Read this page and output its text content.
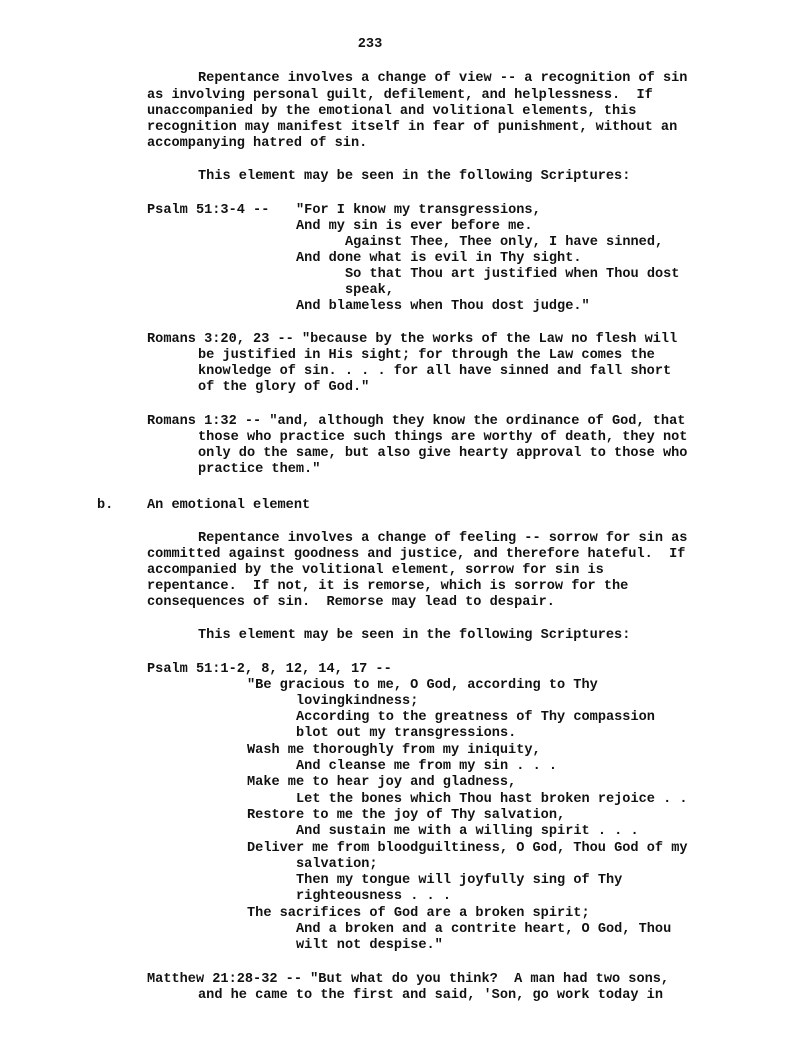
233
Repentance involves a change of view -- a recognition of sin
as involving personal guilt, defilement, and helplessness.  If
unaccompanied by the emotional and volitional elements, this
recognition may manifest itself in fear of punishment, without an
accompanying hatred of sin.
This element may be seen in the following Scriptures:
Psalm 51:3-4 -- "For I know my transgressions,
And my sin is ever before me.
Against Thee, Thee only, I have sinned,
And done what is evil in Thy sight.
So that Thou art justified when Thou dost
speak,
And blameless when Thou dost judge."
Romans 3:20, 23 -- "because by the works of the Law no flesh will
be justified in His sight; for through the Law comes the
knowledge of sin. . . . for all have sinned and fall short
of the glory of God."
Romans 1:32 -- "and, although they know the ordinance of God, that
those who practice such things are worthy of death, they not
only do the same, but also give hearty approval to those who
practice them."
b. An emotional element
Repentance involves a change of feeling -- sorrow for sin as
committed against goodness and justice, and therefore hateful.  If
accompanied by the volitional element, sorrow for sin is
repentance.  If not, it is remorse, which is sorrow for the
consequences of sin.  Remorse may lead to despair.
This element may be seen in the following Scriptures:
Psalm 51:1-2, 8, 12, 14, 17 --
"Be gracious to me, O God, according to Thy
lovingkindness;
According to the greatness of Thy compassion
blot out my transgressions.
Wash me thoroughly from my iniquity,
And cleanse me from my sin . . .
Make me to hear joy and gladness,
Let the bones which Thou hast broken rejoice . .
Restore to me the joy of Thy salvation,
And sustain me with a willing spirit . . .
Deliver me from bloodguiltiness, O God, Thou God of my
salvation;
Then my tongue will joyfully sing of Thy
righteousness . . .
The sacrifices of God are a broken spirit;
And a broken and a contrite heart, O God, Thou
wilt not despise."
Matthew 21:28-32 -- "But what do you think?  A man had two sons,
and he came to the first and said, 'Son, go work today in
